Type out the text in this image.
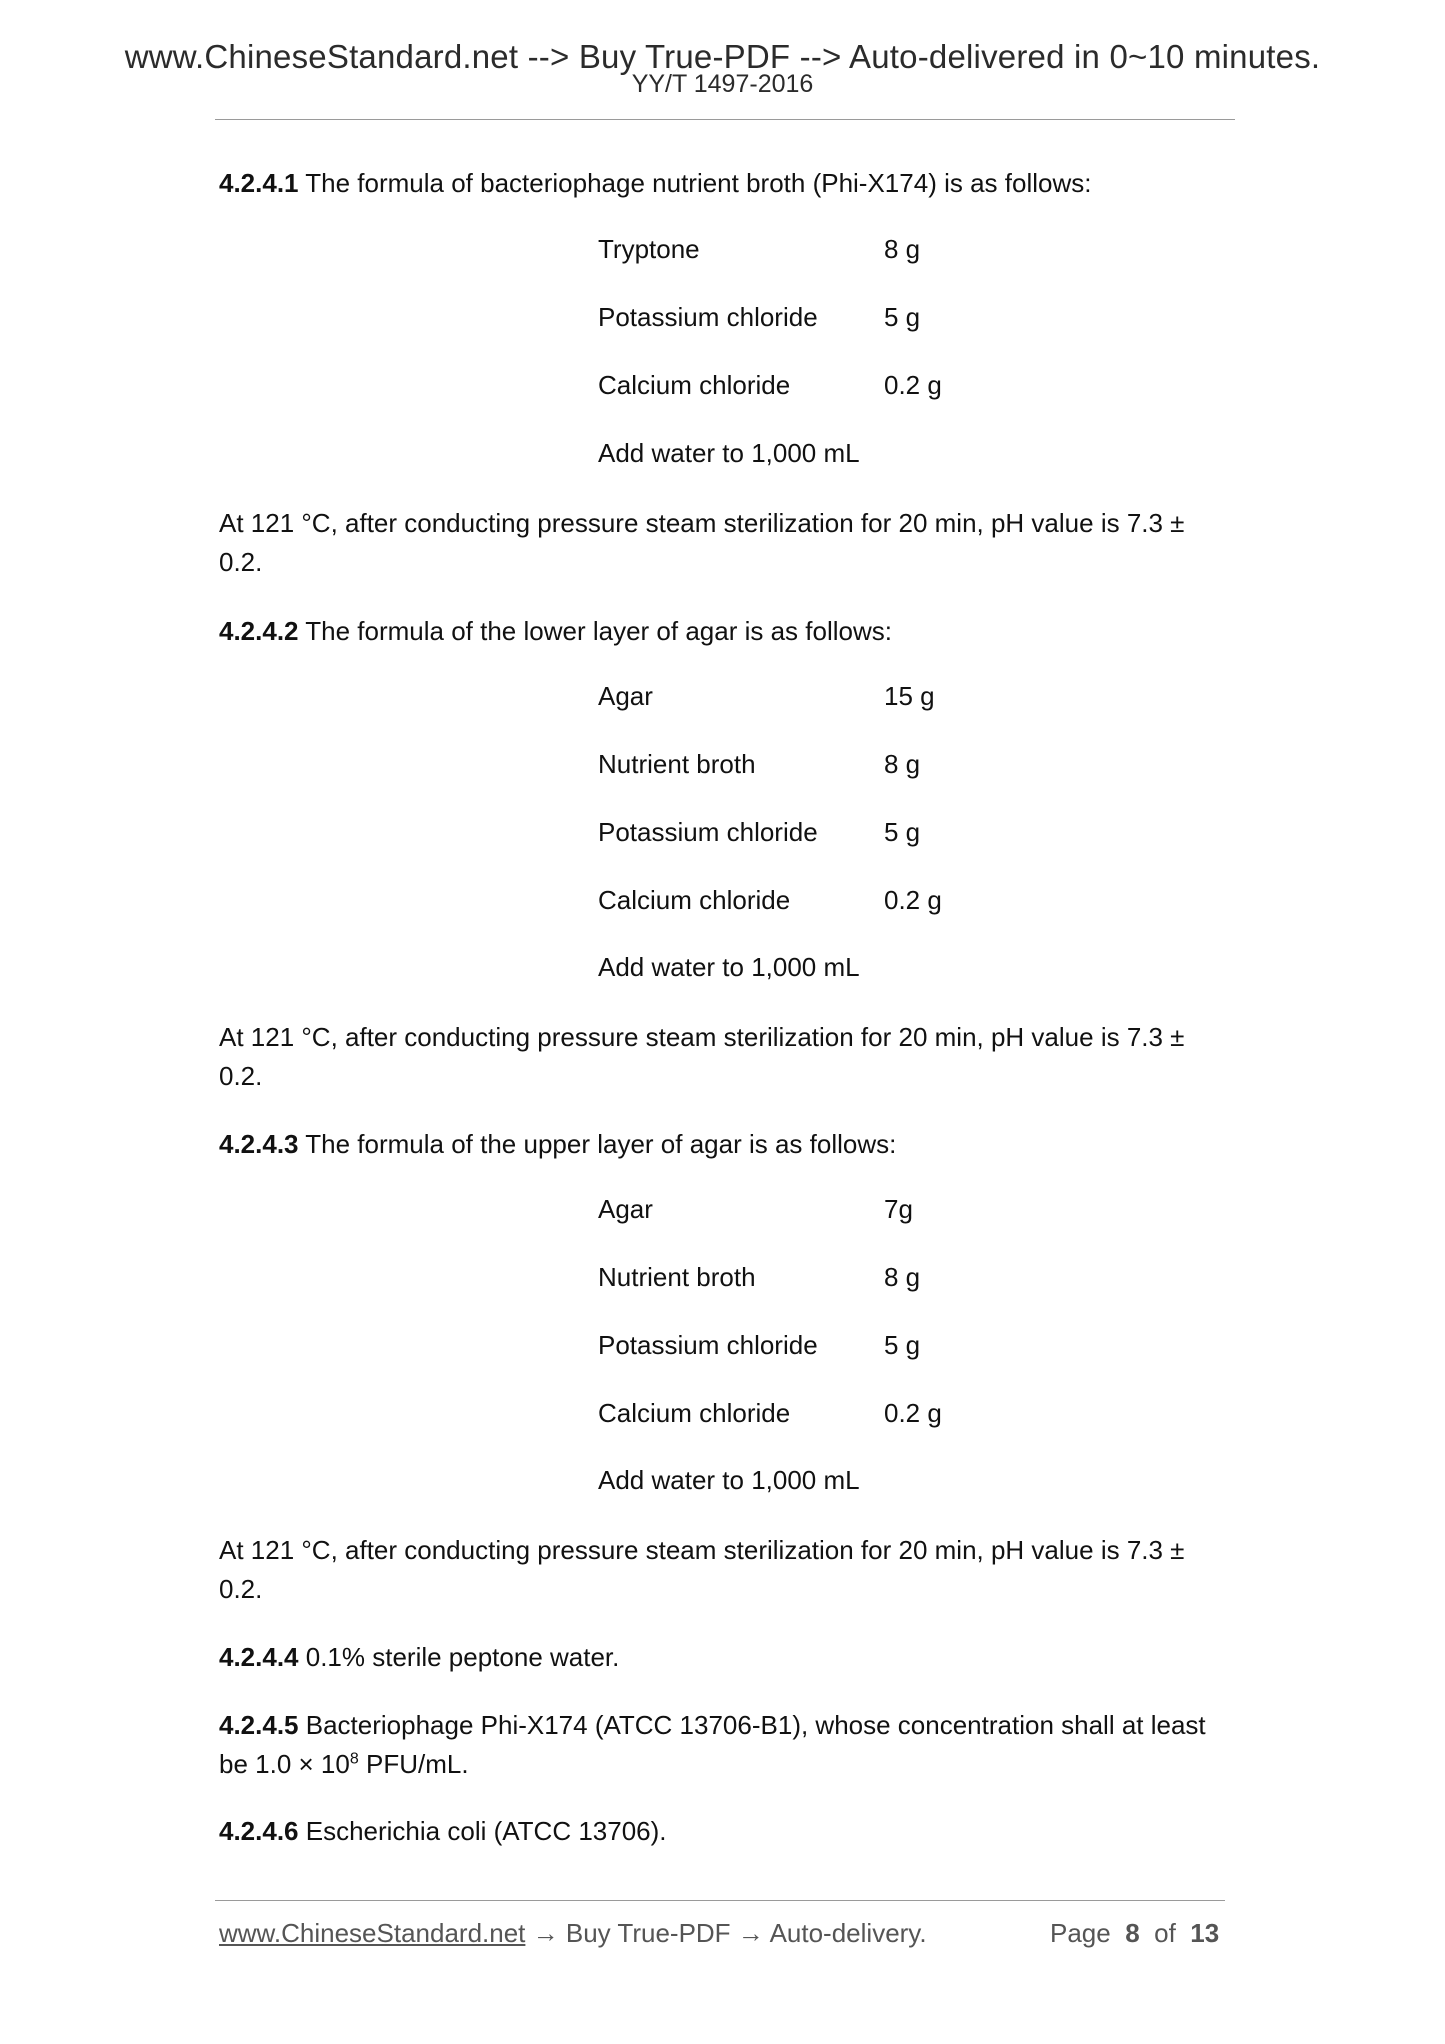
www.ChineseStandard.net --> Buy True-PDF --> Auto-delivered in 0~10 minutes.
YY/T 1497-2016
4.2.4.1 The formula of bacteriophage nutrient broth (Phi-X174) is as follows:
Tryptone	8 g
Potassium chloride	5 g
Calcium chloride	0.2 g
Add water to 1,000 mL
At 121 °C, after conducting pressure steam sterilization for 20 min, pH value is 7.3 ±
0.2.
4.2.4.2 The formula of the lower layer of agar is as follows:
Agar	15 g
Nutrient broth	8 g
Potassium chloride	5 g
Calcium chloride	0.2 g
Add water to 1,000 mL
At 121 °C, after conducting pressure steam sterilization for 20 min, pH value is 7.3 ±
0.2.
4.2.4.3 The formula of the upper layer of agar is as follows:
Agar	7g
Nutrient broth	8 g
Potassium chloride	5 g
Calcium chloride	0.2 g
Add water to 1,000 mL
At 121 °C, after conducting pressure steam sterilization for 20 min, pH value is 7.3 ±
0.2.
4.2.4.4 0.1% sterile peptone water.
4.2.4.5 Bacteriophage Phi-X174 (ATCC 13706-B1), whose concentration shall at least
be $1.0 \times 10^8$ PFU/mL.
4.2.4.6 Escherichia coli (ATCC 13706).
www.ChineseStandard.net → Buy True-PDF → Auto-delivery.	Page 8 of 13
